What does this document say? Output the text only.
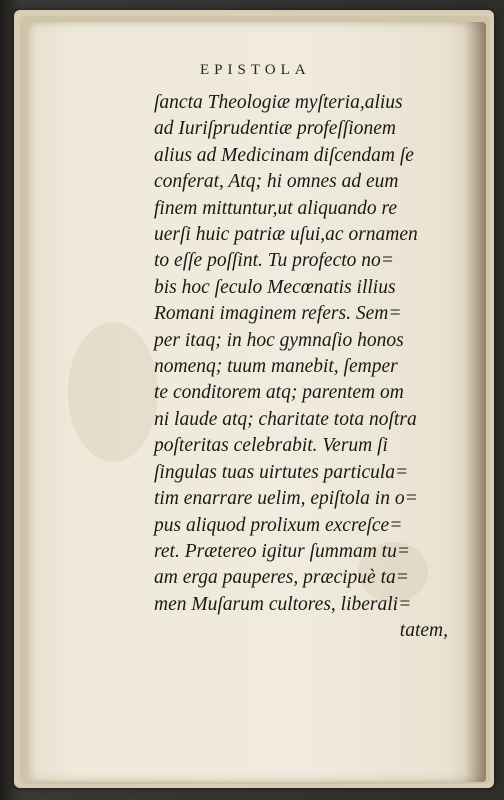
EPISTOLA
ſancta Theologiæ myſteria,alius
ad Iuriſprudentiæ profeſſionem
alius ad Medicinam diſcendam ſe
conferat, Atq; hi omnes ad eum
finem mittuntur,ut aliquando re
uerſi huic patriæ uſui,ac ornamen
to eſſe poſſint. Tu profecto no=
bis hoc ſeculo Mecœnatis illius
Romani imaginem refers. Sem=
per itaq; in hoc gymnaſio honos
nomenq; tuum manebit, ſemper
te conditorem atq; parentem om
ni laude atq; charitate tota noſtra
poſteritas celebrabit. Verum ſi
ſingulas tuas uirtutes particula=
tim enarrare uelim, epiſtola in o=
pus aliquod prolixum excreſce=
ret. Prætereo igitur ſummam tu=
am erga pauperes, præcipuè ta=
men Muſarum cultores, liberali=
tatem,
